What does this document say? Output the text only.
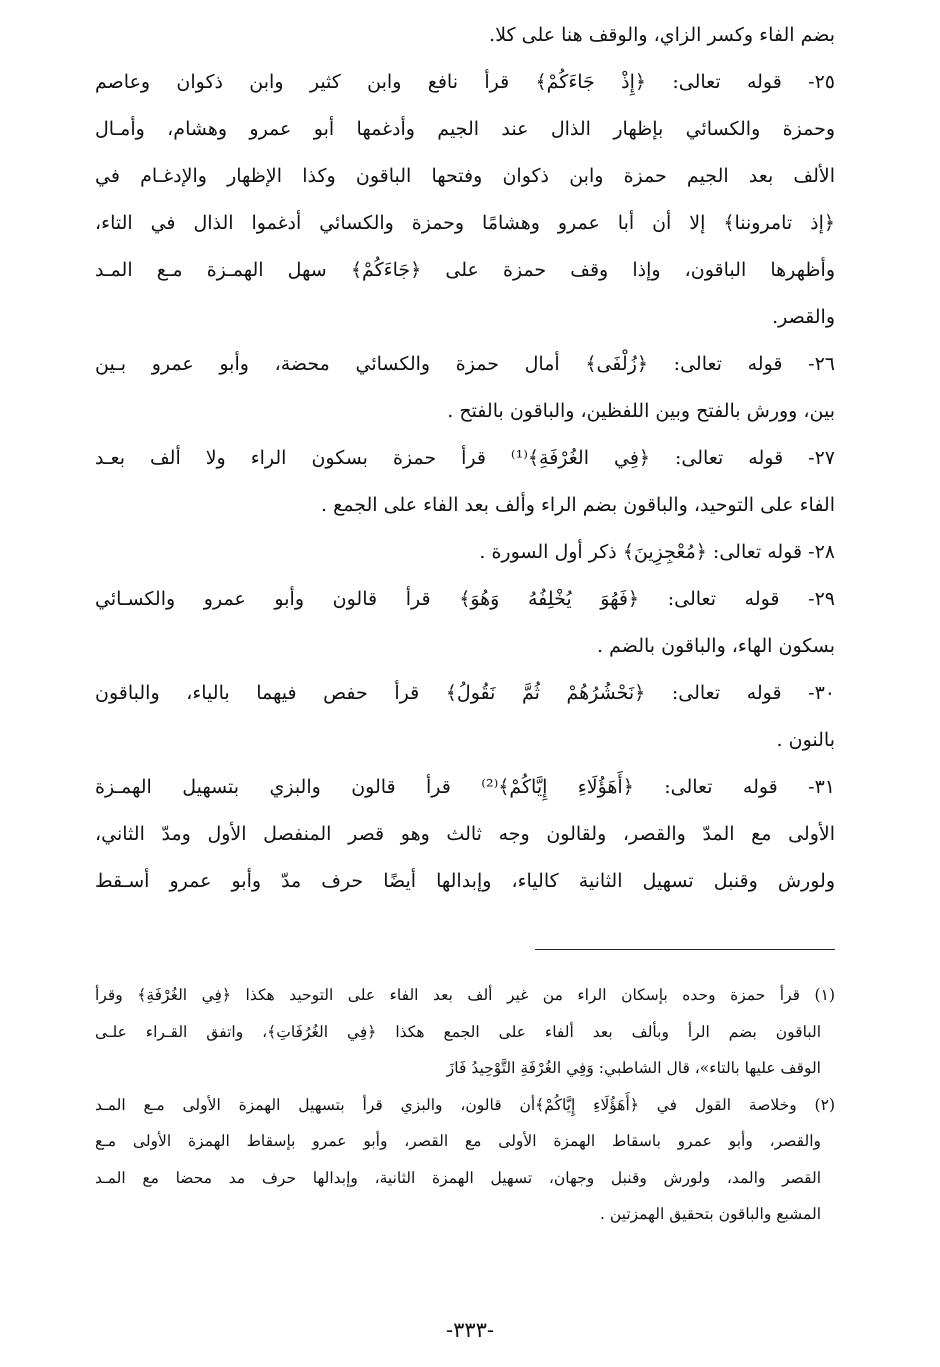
بضم الفاء وكسر الزاي، والوقف هنا على كلا.
٢٥- قوله تعالى: ﴿إِذْ جَاءَكُمْ﴾ قرأ نافع وابن كثير وابن ذكوان وعاصم
وحمزة والكسائي بإظهار الذال عند الجيم وأدغمها أبو عمرو وهشام، وأمـال
الألف بعد الجيم حمزة وابن ذكوان وفتحها الباقون وكذا الإظهار والإدغـام في
﴿إذ تامروننا﴾ إلا أن أبا عمرو وهشامًا وحمزة والكسائي أدغموا الذال في التاء،
وأظهرها الباقون، وإذا وقف حمزة على ﴿جَاءَكُمْ﴾ سهل الهمـزة مـع المـد
والقصر.
٢٦- قوله تعالى: ﴿زُلْفَى﴾ أمال حمزة والكسائي محضة، وأبو عمرو بـين
بين، وورش بالفتح وبين اللفظين، والباقون بالفتح .
٢٧- قوله تعالى: ﴿فِي الغُرْفَةِ﴾⁽¹⁾ قرأ حمزة بسكون الراء ولا ألف بعـد
الفاء على التوحيد، والباقون بضم الراء وألف بعد الفاء على الجمع .
٢٨- قوله تعالى: ﴿مُعْجِزِينَ﴾ ذكر أول السورة .
٢٩- قوله تعالى: ﴿فَهُوَ يُخْلِفُهُ وَهُوَ﴾ قرأ قالون وأبو عمرو والكسـائي
بسكون الهاء، والباقون بالضم .
٣٠- قوله تعالى: ﴿نَحْشُرُهُمْ ثُمَّ نَقُولُ﴾ قرأ حفص فيهما بالياء، والباقون
بالنون .
٣١- قوله تعالى: ﴿أَهَؤُلَاءِ إِيَّاكُمْ﴾⁽²⁾ قرأ قالون والبزي بتسهيل الهمـزة
الأولى مع المدّ والقصر، ولقالون وجه ثالث وهو قصر المنفصل الأول ومدّ الثاني،
ولورش وقنبل تسهيل الثانية كالياء، وإبدالها أيضًا حرف مدّ وأبو عمرو أسـقط
(١) قرأ حمزة وحده بإسكان الراء من غير ألف بعد الفاء على التوحيد هكذا ﴿فِي الغُرْفَةِ﴾ وقرأ
الباقون بضم الرأ وبألف بعد ألفاء على الجمع هكذا ﴿فِي الغُرُفَاتِ﴾، واتفق القـراء علـى
الوقف عليها بالتاء»، قال الشاطبي: وَفِي الغُرْفَةِ التَّوْحِيدُ فَازَ
(٢) وخلاصة القول في ﴿أَهَؤُلَاءِ إِيَّاكُمْ﴾أن قالون، والبزي قرأ بتسهيل الهمزة الأولى مـع المـد
والقصر، وأبو عمرو باسقاط الهمزة الأولى مع القصر، وأبو عمرو بإسقاط الهمزة الأولى مـع
القصر والمد، ولورش وقنبل وجهان، تسهيل الهمزة الثانية، وإبدالها حرف مد محضا مع المـد
المشبع والباقون بتحقيق الهمزتين .
-٣٣٣-
